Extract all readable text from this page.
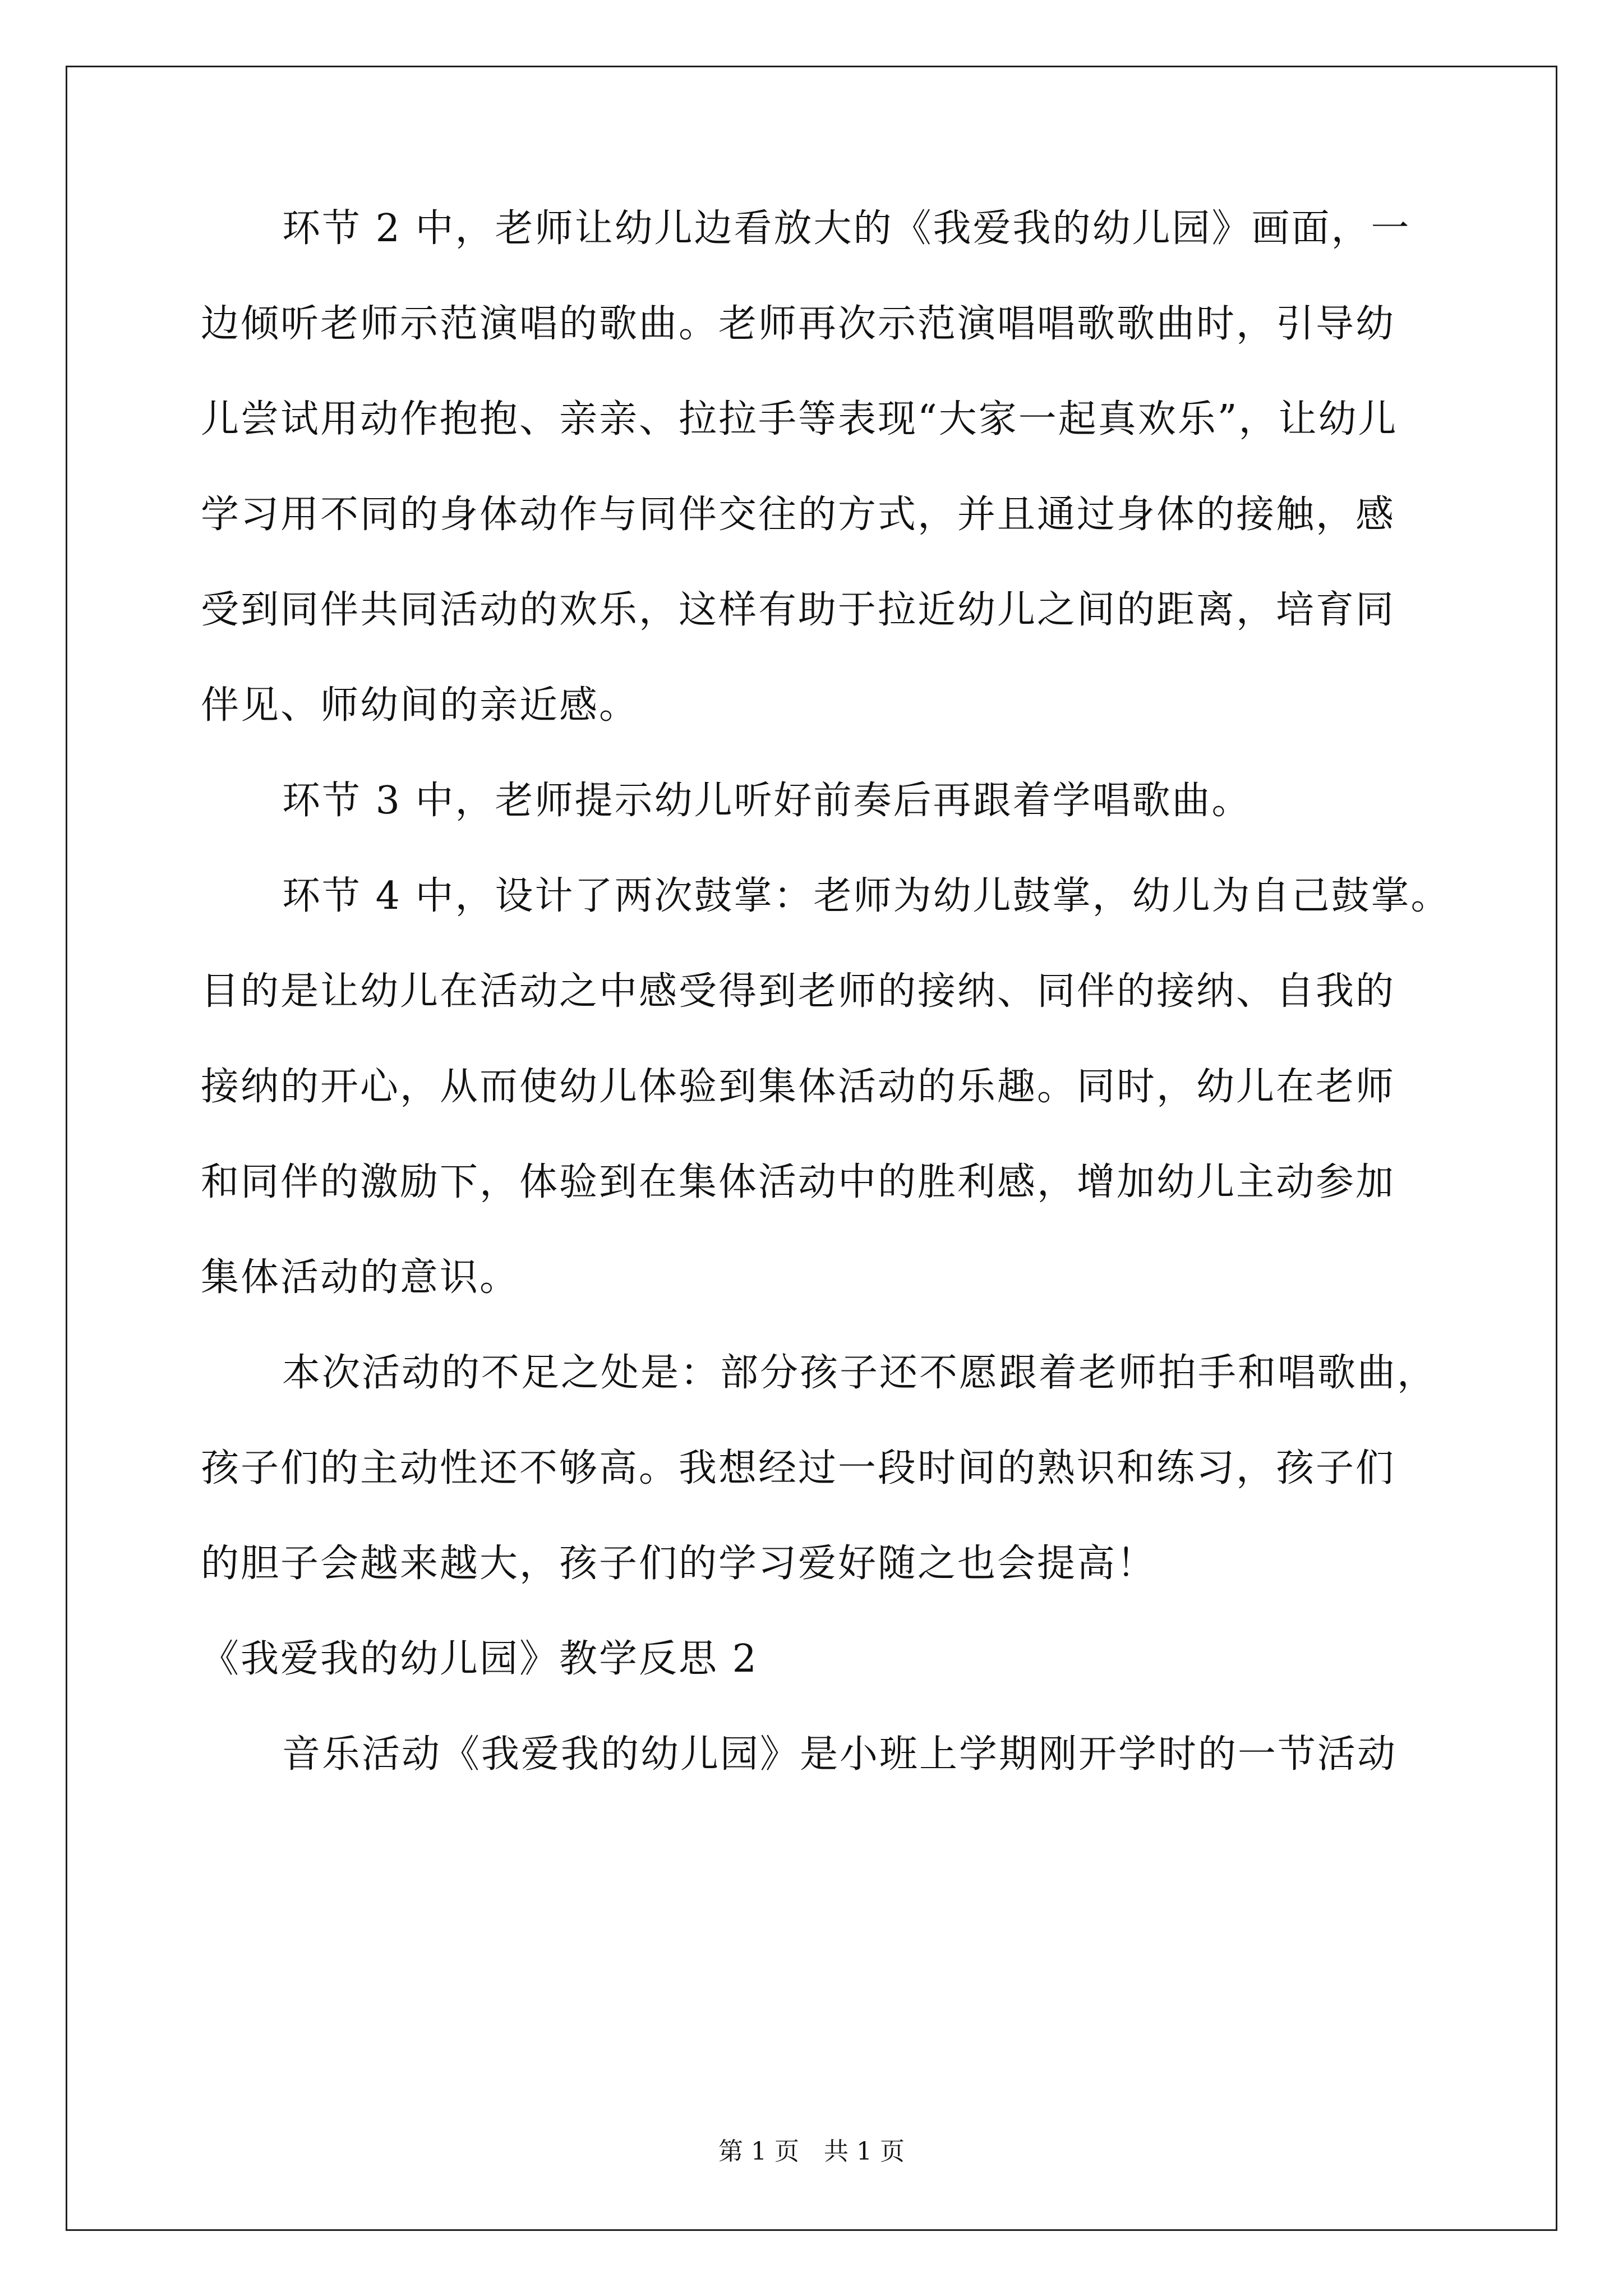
环节 2 中，老师让幼儿边看放大的《我爱我的幼儿园》画面，一
边倾听老师示范演唱的歌曲。老师再次示范演唱唱歌歌曲时，引导幼
儿尝试用动作抱抱、亲亲、拉拉手等表现“大家一起真欢乐”，让幼儿
学习用不同的身体动作与同伴交往的方式，并且通过身体的接触，感
受到同伴共同活动的欢乐，这样有助于拉近幼儿之间的距离，培育同
伴见、师幼间的亲近感。
环节 3 中，老师提示幼儿听好前奏后再跟着学唱歌曲。
环节 4 中，设计了两次鼓掌：老师为幼儿鼓掌，幼儿为自己鼓掌。
目的是让幼儿在活动之中感受得到老师的接纳、同伴的接纳、自我的
接纳的开心，从而使幼儿体验到集体活动的乐趣。同时，幼儿在老师
和同伴的激励下，体验到在集体活动中的胜利感，增加幼儿主动参加
集体活动的意识。
本次活动的不足之处是：部分孩子还不愿跟着老师拍手和唱歌曲，
孩子们的主动性还不够高。我想经过一段时间的熟识和练习，孩子们
的胆子会越来越大，孩子们的学习爱好随之也会提高！
《我爱我的幼儿园》教学反思 2
音乐活动《我爱我的幼儿园》是小班上学期刚开学时的一节活动
第 1 页　共 1 页
